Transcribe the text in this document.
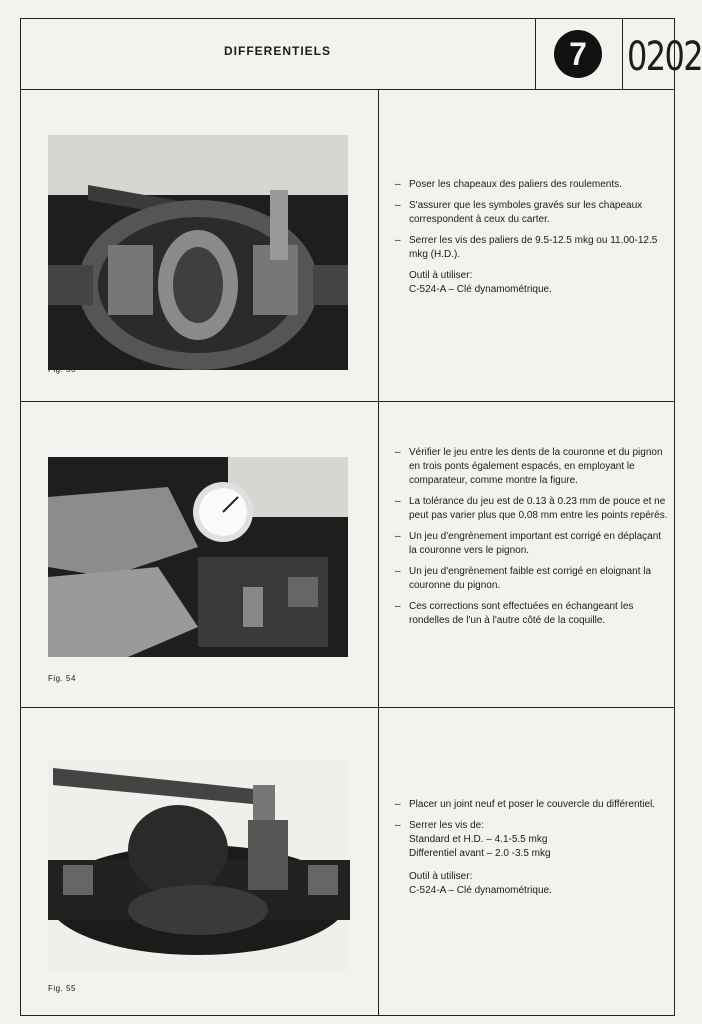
DIFFERENTIELS	7	0202
Fig. 53
– Poser les chapeaux des paliers des roulements.
– S'assurer que les symboles gravés sur les chapeaux correspondent à ceux du carter.
– Serrer les vis des paliers de 9.5-12.5 mkg ou 11.00-12.5 mkg (H.D.).
Outil à utiliser:
C-524-A – Clé dynamométrique.
Fig. 54
– Vérifier le jeu entre les dents de la couronne et du pignon en trois ponts également espacés, en employant le comparateur, comme montre la figure.
– La tolérance du jeu est de 0.13 à 0.23 mm de pouce et ne peut pas varier plus que 0.08 mm entre les points repérés.
– Un jeu d'engrènement important est corrigé en déplaçant la couronne vers le pignon.
– Un jeu d'engrènement faible est corrigé en eloignant la couronne du pignon.
– Ces corrections sont effectuées en échangeant les rondelles de l'un à l'autre côté de la coquille.
Fig. 55
– Placer un joint neuf et poser le couvercle du différentiel.
– Serrer les vis de:
Standard et H.D. – 4.1-5.5 mkg
Differentiel avant – 2.0 -3.5 mkg
Outil à utiliser:
C-524-A – Clé dynamométrique.
